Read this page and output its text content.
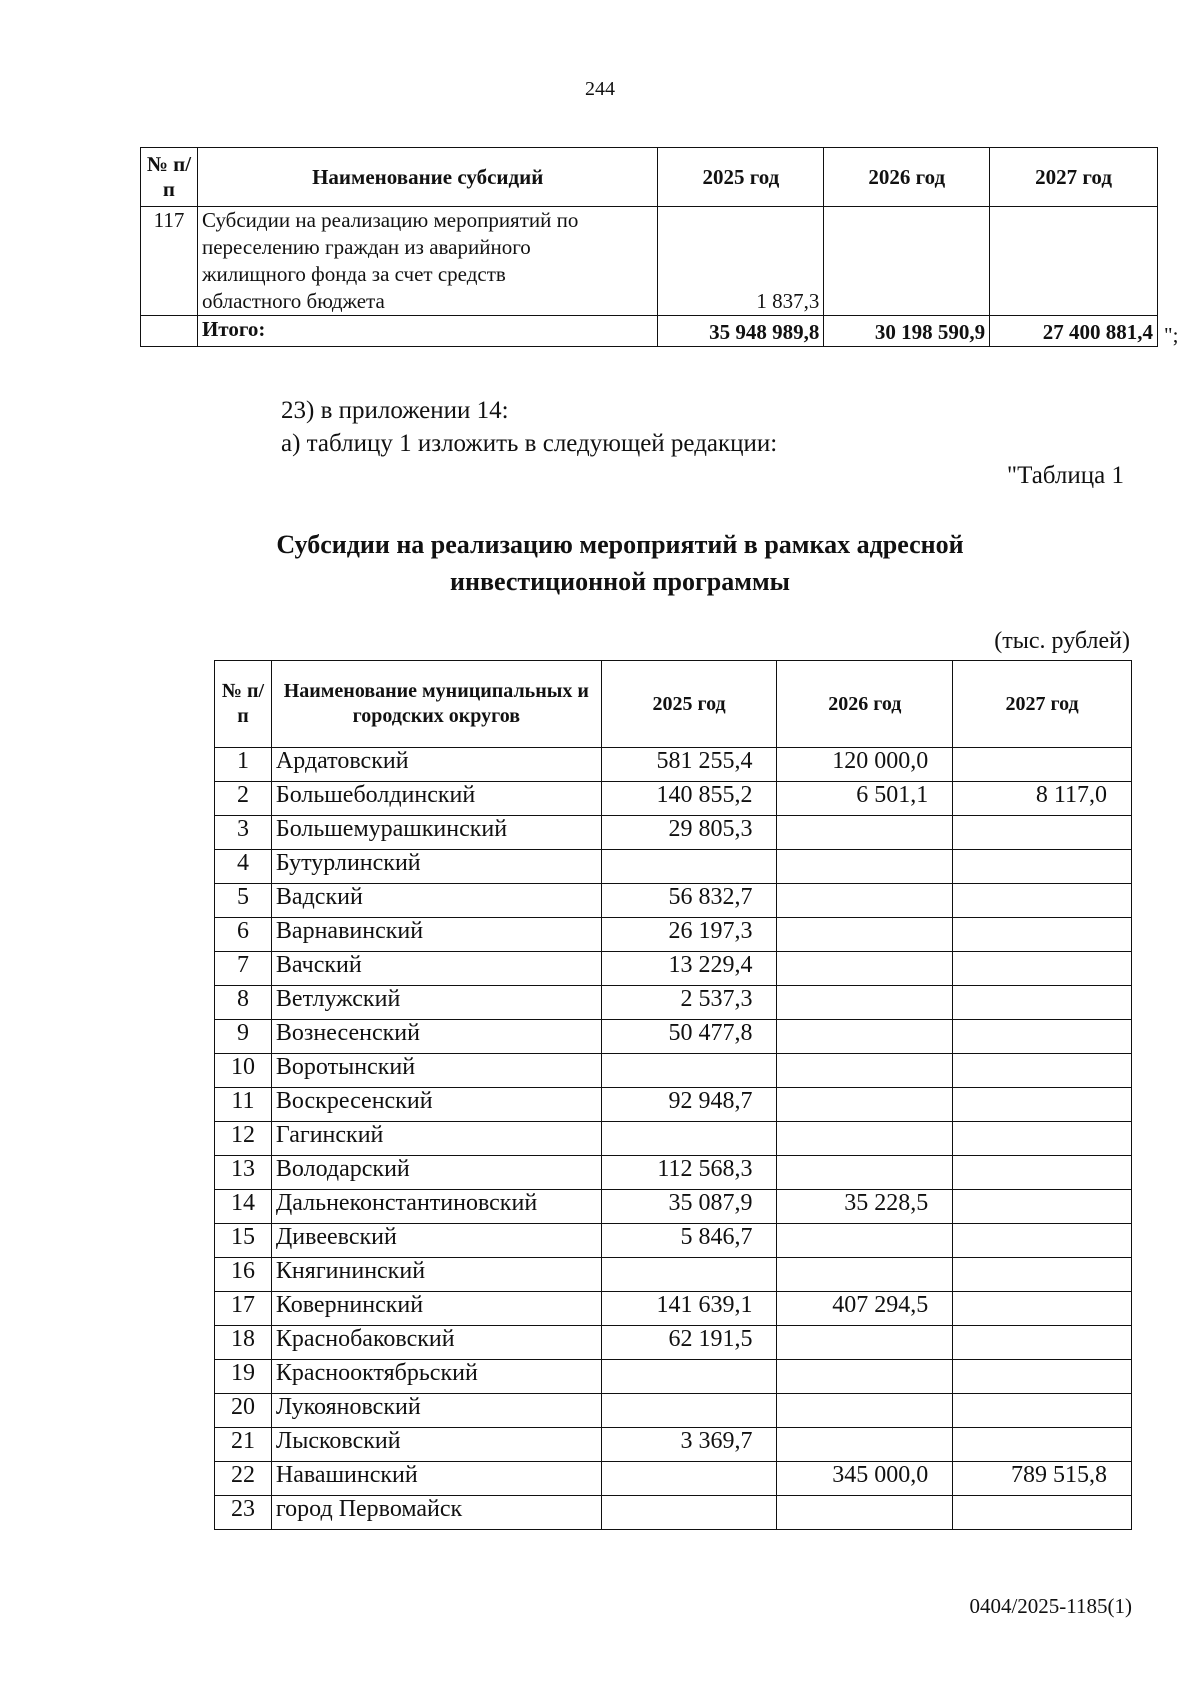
244
№ п/п	Наименование субсидий	2025 год	2026 год	2027 год
117	Субсидии на реализацию мероприятий по
переселению граждан из аварийного
жилищного фонда за счет средств
областного бюджета	1 837,3		
	Итого:	35 948 989,8	30 198 590,9	27 400 881,4 ";
23) в приложении 14:
а) таблицу 1 изложить в следующей редакции:
"Таблица 1
Субсидии на реализацию мероприятий в рамках адресной
инвестиционной программы
(тыс. рублей)
№ п/п	Наименование муниципальных и городских округов	2025 год	2026 год	2027 год
1	Ардатовский	581 255,4	120 000,0	
2	Большеболдинский	140 855,2	6 501,1	8 117,0
3	Большемурашкинский	29 805,3		
4	Бутурлинский			
5	Вадский	56 832,7		
6	Варнавинский	26 197,3		
7	Вачский	13 229,4		
8	Ветлужский	2 537,3		
9	Вознесенский	50 477,8		
10	Воротынский			
11	Воскресенский	92 948,7		
12	Гагинский			
13	Володарский	112 568,3		
14	Дальнеконстантиновский	35 087,9	35 228,5	
15	Дивеевский	5 846,7		
16	Княгининский			
17	Ковернинский	141 639,1	407 294,5	
18	Краснобаковский	62 191,5		
19	Краснооктябрьский			
20	Лукояновский			
21	Лысковский	3 369,7		
22	Навашинский		345 000,0	789 515,8
23	город Первомайск			
0404/2025-1185(1)
